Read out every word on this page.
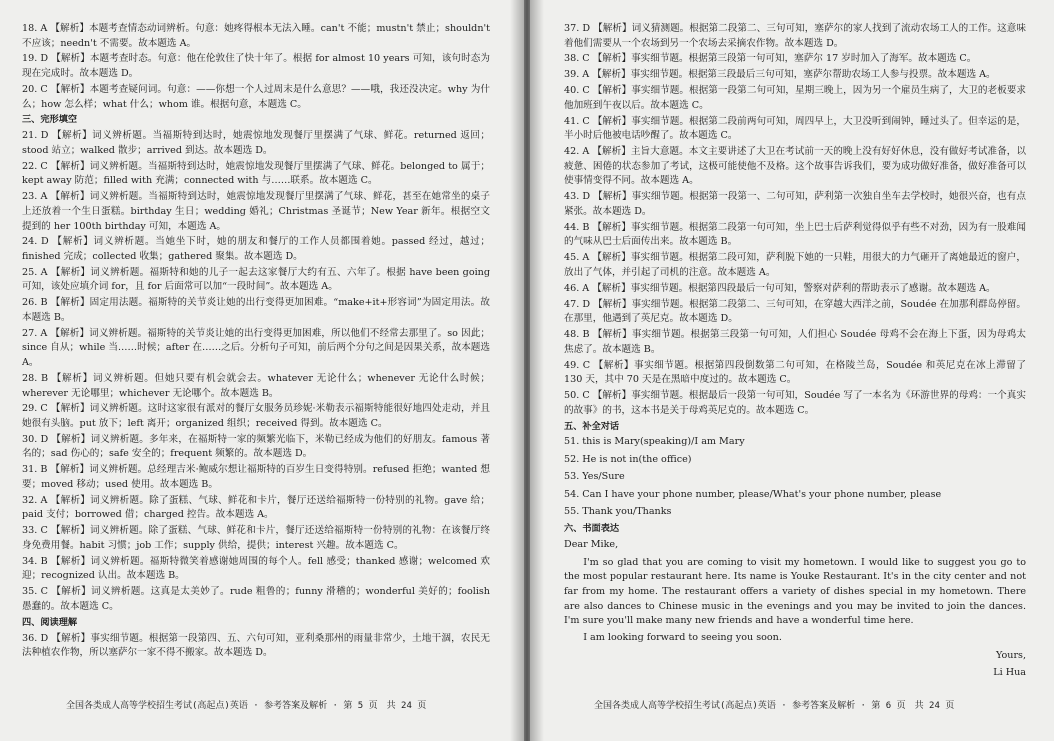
18. A 【解析】本题考查情态动词辨析。句意：她疼得根本无法入睡。can't 不能；mustn't 禁止；shouldn't 不应该；needn't 不需要。故本题选 A。

19. D 【解析】本题考查时态。句意：他在伦敦住了快十年了。根据 for almost 10 years 可知，该句时态为现在完成时。故本题选 D。

20. C 【解析】本题考查疑问词。句意：——你想一个人过周末是什么意思？——哦，我还没决定。why 为什么；how 怎么样；what 什么；whom 谁。根据句意，本题选 C。

三、完形填空

21. D 【解析】词义辨析题。当福斯特到达时，她震惊地发现餐厅里摆满了气球、鲜花。returned 返回；stood 站立；walked 散步；arrived 到达。故本题选 D。

22. C 【解析】词义辨析题。当福斯特到达时，她震惊地发现餐厅里摆满了气球、鲜花。belonged to 属于；kept away 防范；filled with 充满；connected with 与……联系。故本题选 C。

23. A 【解析】词义辨析题。当福斯特到达时，她震惊地发现餐厅里摆满了气球、鲜花，甚至在她常坐的桌子上还放着一个生日蛋糕。birthday 生日；wedding 婚礼；Christmas 圣诞节；New Year 新年。根据空文提到的 her 100th birthday 可知，本题选 A。

24. D 【解析】词义辨析题。当她坐下时，她的朋友和餐厅的工作人员都围着她。passed 经过，越过；finished 完成；collected 收集；gathered 聚集。故本题选 D。

25. A 【解析】词义辨析题。福斯特和她的儿子一起去这家餐厅大约有五、六年了。根据 have been going 可知，该处应填介词 for，且 for 后面常可以加“一段时间”。故本题选 A。

26. B 【解析】固定用法题。福斯特的关节炎让她的出行变得更加困难。“make+it+形容词”为固定用法。故本题选 B。

27. A 【解析】词义辨析题。福斯特的关节炎让她的出行变得更加困难，所以他们不经常去那里了。so 因此；since 自从；while 当……时候；after 在……之后。分析句子可知，前后两个分句之间是因果关系，故本题选 A。

28. B 【解析】词义辨析题。但她只要有机会就会去。whatever 无论什么；whenever 无论什么时候；wherever 无论哪里；whichever 无论哪个。故本题选 B。

29. C 【解析】词义辨析题。这时这家很有派对的餐厅女服务员珍妮·米勒表示福斯特能很好地四处走动，并且她很有头脑。put 放下；left 离开；organized 组织；received 得到。故本题选 C。

30. D 【解析】词义辨析题。多年来，在福斯特一家的频繁光临下，米勒已经成为他们的好朋友。famous 著名的；sad 伤心的；safe 安全的；frequent 频繁的。故本题选 D。

31. B 【解析】词义辨析题。总经理吉米·鲍威尔想让福斯特的百岁生日变得特别。refused 拒绝；wanted 想要；moved 移动；used 使用。故本题选 B。

32. A 【解析】词义辨析题。除了蛋糕、气球、鲜花和卡片，餐厅还送给福斯特一份特别的礼物。gave 给；paid 支付；borrowed 借；charged 控告。故本题选 A。

33. C 【解析】词义辨析题。除了蛋糕、气球、鲜花和卡片，餐厅还送给福斯特一份特别的礼物：在该餐厅终身免费用餐。habit 习惯；job 工作；supply 供给，提供；interest 兴趣。故本题选 C。

34. B 【解析】词义辨析题。福斯特微笑着感谢她周围的每个人。fell 感受；thanked 感谢；welcomed 欢迎；recognized 认出。故本题选 B。

35. C 【解析】词义辨析题。这真是太美妙了。rude 粗鲁的；funny 滑稽的；wonderful 美好的；foolish 愚蠢的。故本题选 C。

四、阅读理解

36. D 【解析】事实细节题。根据第一段第四、五、六句可知，亚利桑那州的雨量非常少，土地干涸，农民无法种植农作物，所以塞萨尔一家不得不搬家。故本题选 D。

全国各类成人高等学校招生考试(高起点)英语 · 参考答案及解析 · 第 5 页　共 24 页

37. D 【解析】词义猜测题。根据第二段第二、三句可知，塞萨尔的家人找到了流动农场工人的工作。这意味着他们需要从一个农场到另一个农场去采摘农作物。故本题选 D。

38. C 【解析】事实细节题。根据第三段第一句可知，塞萨尔 17 岁时加入了海军。故本题选 C。

39. A 【解析】事实细节题。根据第三段最后三句可知，塞萨尔帮助农场工人参与投票。故本题选 A。

40. C 【解析】事实细节题。根据第一段第二句可知，星期三晚上，因为另一个雇员生病了，大卫的老板要求他加班到午夜以后。故本题选 C。

41. C 【解析】事实细节题。根据第二段前两句可知，周四早上，大卫没听到闹钟，睡过头了。但幸运的是，半小时后他被电话吵醒了。故本题选 C。

42. A 【解析】主旨大意题。本文主要讲述了大卫在考试前一天的晚上没有好好休息，没有做好考试准备，以疲惫、困倦的状态参加了考试，这极可能使他不及格。这个故事告诉我们，要为成功做好准备，做好准备可以使事情变得不同。故本题选 A。

43. D 【解析】事实细节题。根据第一段第一、二句可知，萨利第一次独自坐车去学校时，她很兴奋，也有点紧张。故本题选 D。

44. B 【解析】事实细节题。根据第二段第一句可知，坐上巴士后萨利觉得似乎有些不对劲，因为有一股难闻的气味从巴士后面传出来。故本题选 B。

45. A 【解析】事实细节题。根据第二段可知，萨利脱下她的一只鞋，用很大的力气砸开了离她最近的窗户，放出了气体，并引起了司机的注意。故本题选 A。

46. A 【解析】事实细节题。根据第四段最后一句可知，警察对萨利的帮助表示了感谢。故本题选 A。

47. D 【解析】事实细节题。根据第二段第二、三句可知，在穿越大西洋之前，Soudée 在加那利群岛停留。在那里，他遇到了英尼克。故本题选 D。

48. B 【解析】事实细节题。根据第三段第一句可知，人们担心 Soudée 母鸡不会在海上下蛋，因为母鸡太焦虑了。故本题选 B。

49. C 【解析】事实细节题。根据第四段倒数第二句可知，在格陵兰岛，Soudée 和英尼克在冰上滞留了 130 天，其中 70 天是在黑暗中度过的。故本题选 C。

50. C 【解析】事实细节题。根据最后一段第一句可知，Soudée 写了一本名为《环游世界的母鸡：一个真实的故事》的书，这本书是关于母鸡英尼克的。故本题选 C。

五、补全对话

51. this is Mary(speaking)/I am Mary

52. He is not in(the office)

53. Yes/Sure

54. Can I have your phone number, please/What's your phone number, please

55. Thank you/Thanks

六、书面表达

Dear Mike,

I'm so glad that you are coming to visit my hometown. I would like to suggest you go to the most popular restaurant here. Its name is Youke Restaurant. It's in the city center and not far from my home. The restaurant offers a variety of dishes special in my hometown. There are also dances to Chinese music in the evenings and you may be invited to join the dances. I'm sure you'll make many new friends and have a wonderful time here.

I am looking forward to seeing you soon.

Yours,

Li Hua

全国各类成人高等学校招生考试(高起点)英语 · 参考答案及解析 · 第 6 页　共 24 页
